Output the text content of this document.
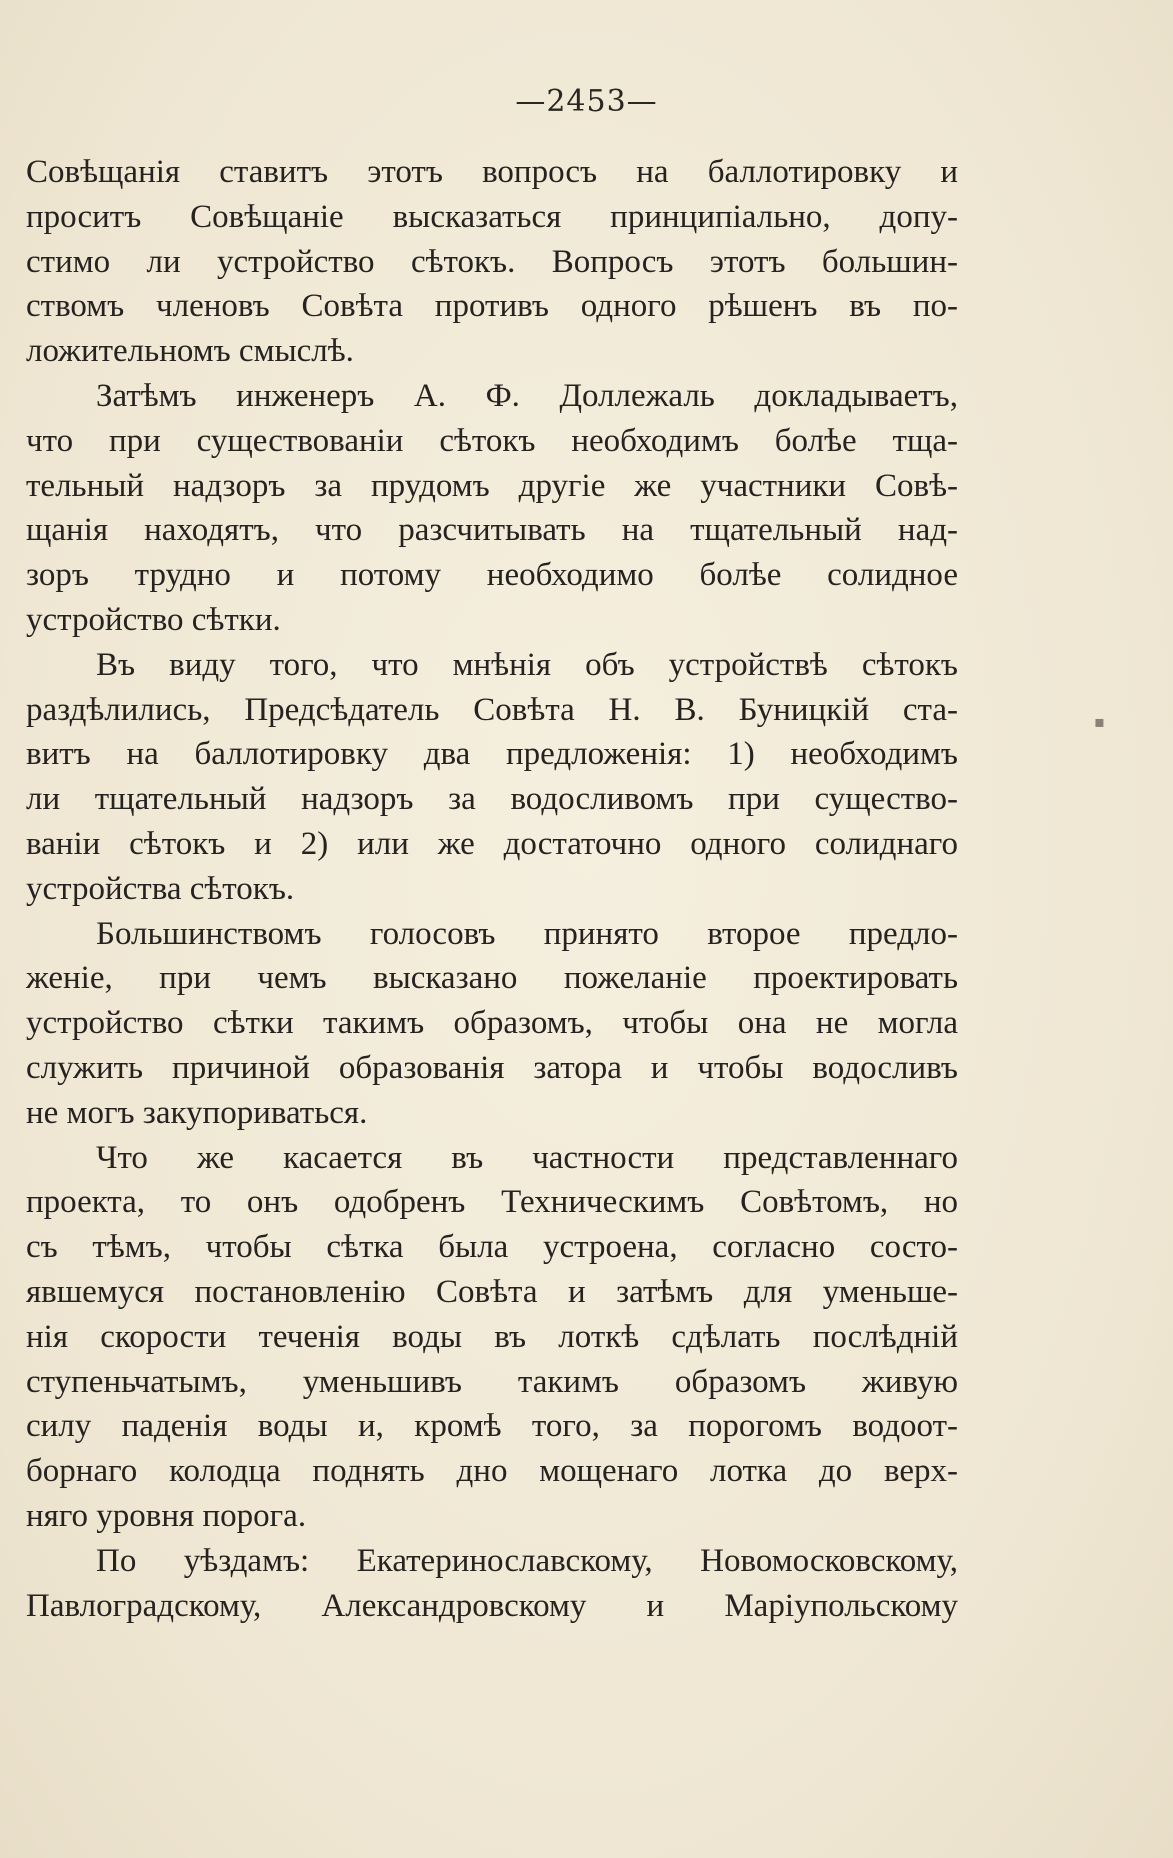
—2453—
Совѣщанія ставитъ этотъ вопросъ на баллотировку и
проситъ Совѣщаніе высказаться принципіально, допу-
стимо ли устройство сѣтокъ. Вопросъ этотъ большин-
ствомъ членовъ Совѣта противъ одного рѣшенъ въ по-
ложительномъ смыслѣ.
Затѣмъ инженеръ А. Ф. Доллежаль докладываетъ,
что при существованіи сѣтокъ необходимъ болѣе тща-
тельный надзоръ за прудомъ другіе же участники Совѣ-
щанія находятъ, что разсчитывать на тщательный над-
зоръ трудно и потому необходимо болѣе солидное
устройство сѣтки.
Въ виду того, что мнѣнія объ устройствѣ сѣтокъ
раздѣлились, Предсѣдатель Совѣта Н. В. Буницкій ста-
витъ на баллотировку два предложенія: 1) необходимъ
ли тщательный надзоръ за водосливомъ при существо-
ваніи сѣтокъ и 2) или же достаточно одного солиднаго
устройства сѣтокъ.
Большинствомъ голосовъ принято второе предло-
женіе, при чемъ высказано пожеланіе проектировать
устройство сѣтки такимъ образомъ, чтобы она не могла
служить причиной образованія затора и чтобы водосливъ
не могъ закупориваться.
Что же касается въ частности представленнаго
проекта, то онъ одобренъ Техническимъ Совѣтомъ, но
съ тѣмъ, чтобы сѣтка была устроена, согласно состо-
явшемуся постановленію Совѣта и затѣмъ для уменьше-
нія скорости теченія воды въ лоткѣ сдѣлать послѣдній
ступеньчатымъ, уменьшивъ такимъ образомъ живую
силу паденія воды и, кромѣ того, за порогомъ водоот-
борнаго колодца поднять дно мощенаго лотка до верх-
няго уровня порога.
По уѣздамъ: Екатеринославскому, Новомосковскому,
Павлоградскому, Александровскому и Маріупольскому
▪
